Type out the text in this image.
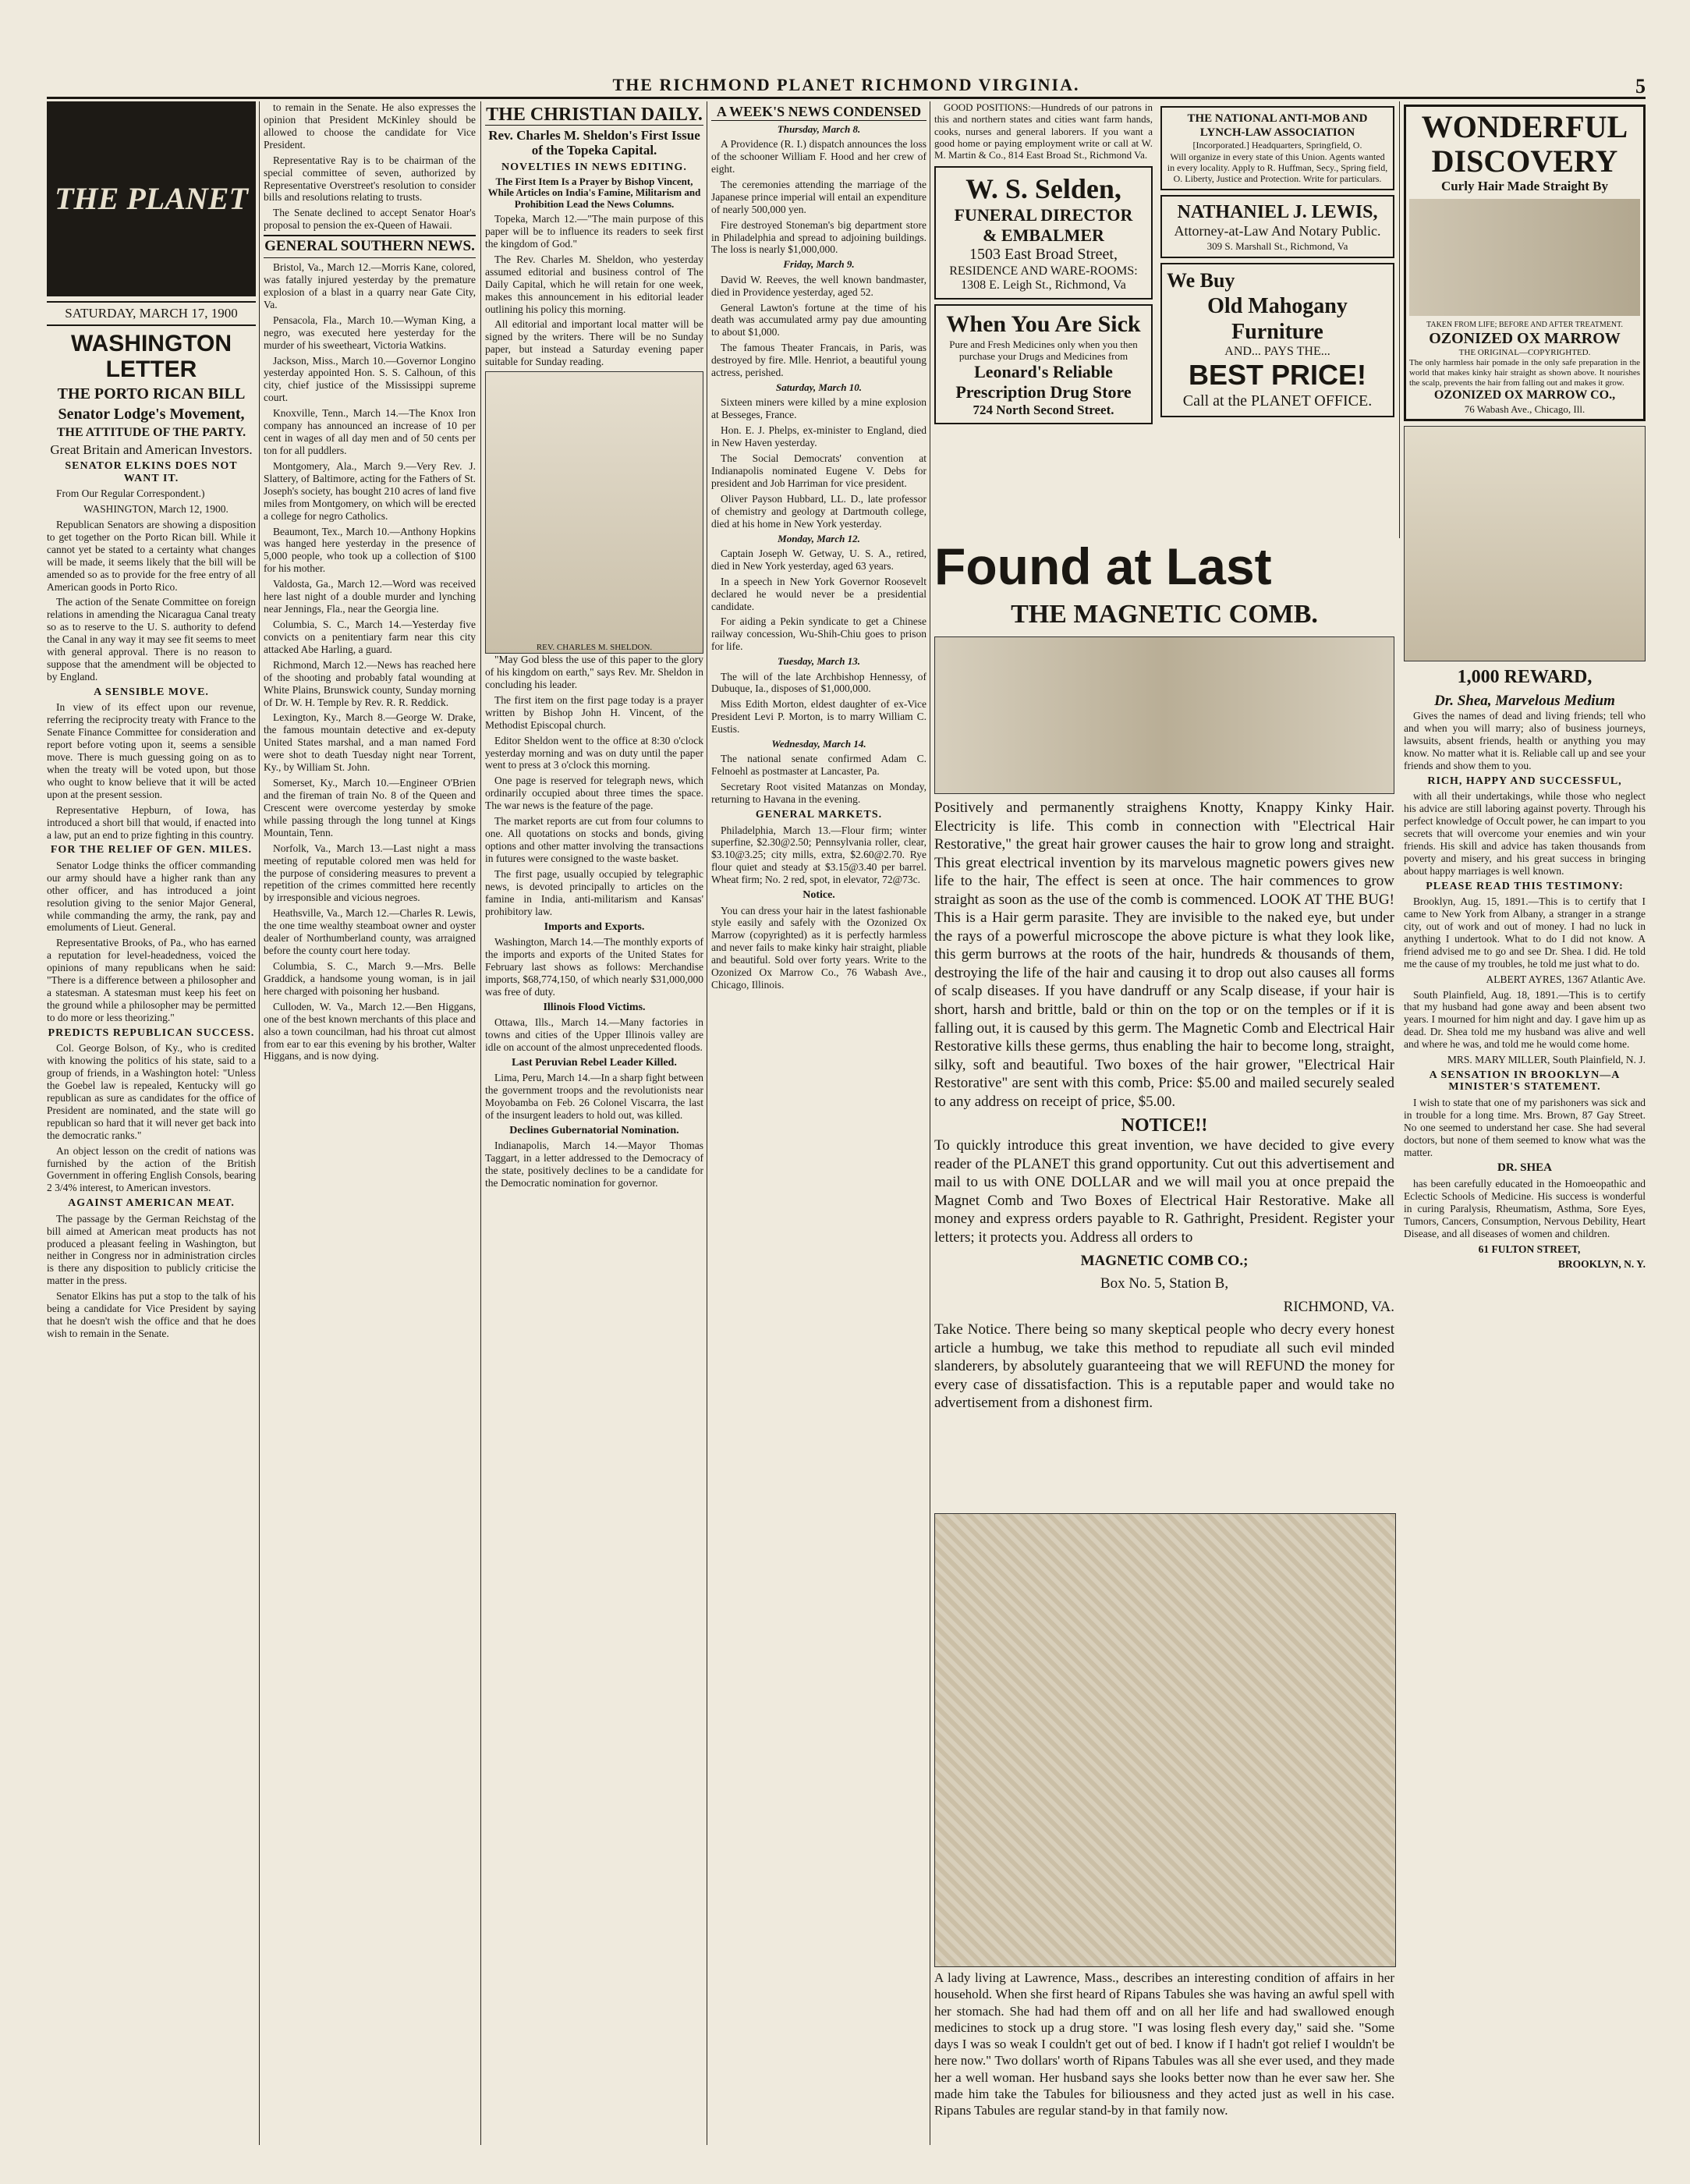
THE RICHMOND PLANET RICHMOND VIRGINIA.	5
THE PLANET
SATURDAY, MARCH 17, 1900
WASHINGTON LETTER
THE PORTO RICAN BILL
Senator Lodge's Movement,
THE ATTITUDE OF THE PARTY.
Great Britain and American Investors.
SENATOR ELKINS DOES NOT WANT IT.

From Our Regular Correspondent.)

WASHINGTON, March 12, 1900.

Republican Senators are showing a disposition to get together on the Porto Rican bill. While it cannot yet be stated to a certainty what changes will be made, it seems likely that the bill will be amended so as to provide for the free entry of all American goods in Porto Rico.

The action of the Senate Committee on foreign relations in amending the Nicaragua Canal treaty so as to reserve to the U. S. authority to defend the Canal in any way it may see fit seems to meet with general approval. There is no reason to suppose that the amendment will be objected to by England.

A SENSIBLE MOVE.

In view of its effect upon our revenue, referring the reciprocity treaty with France to the Senate Finance Committee for consideration and report before voting upon it, seems a sensible move. There is much guessing going on as to when the treaty will be voted upon, but those who ought to know believe that it will be acted upon at the present session.

Representative Hepburn, of Iowa, has introduced a short bill that would, if enacted into a law, put an end to prize fighting in this country.

FOR THE RELIEF OF GEN. MILES.

Senator Lodge thinks the officer commanding our army should have a higher rank than any other officer, and has introduced a joint resolution giving to the senior Major General, while commanding the army, the rank, pay and emoluments of Lieut. General.

Representative Brooks, of Pa., who has earned a reputation for level-headedness, voiced the opinions of many republicans when he said: "There is a difference between a philosopher and a statesman. A statesman must keep his feet on the ground while a philosopher may be permitted to do more or less theorizing."

PREDICTS REPUBLICAN SUCCESS.

Col. George Bolson, of Ky., who is credited with knowing the politics of his state, said to a group of friends, in a Washington hotel: "Unless the Goebel law is repealed, Kentucky will go republican as sure as candidates for the office of President are nominated, and the state will go republican so hard that it will never get back into the democratic ranks."

An object lesson on the credit of nations was furnished by the action of the British Government in offering English Consols, bearing 2 3/4% interest, to American investors.

AGAINST AMERICAN MEAT.

The passage by the German Reichstag of the bill aimed at American meat products has not produced a pleasant feeling in Washington, but neither in Congress nor in administration circles is there any disposition to publicly criticise the matter in the press.

Senator Elkins has put a stop to the talk of his being a candidate for Vice President by saying that he doesn't wish the office and that he does wish to remain in the Senate.

to remain in the Senate. He also expresses the opinion that President McKinley should be allowed to choose the candidate for Vice President.

Representative Ray is to be chairman of the special committee of seven, authorized by Representative Overstreet's resolution to consider bills and resolutions relating to trusts.

The Senate declined to accept Senator Hoar's proposal to pension the ex-Queen of Hawaii.

GENERAL SOUTHERN NEWS.

Bristol, Va., March 12.—Morris Kane, colored, was fatally injured yesterday by the premature explosion of a blast in a quarry near Gate City, Va.

Pensacola, Fla., March 10.—Wyman King, a negro, was executed here yesterday for the murder of his sweetheart, Victoria Watkins.

Jackson, Miss., March 10.—Governor Longino yesterday appointed Hon. S. S. Calhoun, of this city, chief justice of the Mississippi supreme court.

Knoxville, Tenn., March 14.—The Knox Iron company has announced an increase of 10 per cent in wages of all day men and of 50 cents per ton for all puddlers.

Montgomery, Ala., March 9.—Very Rev. J. Slattery, of Baltimore, acting for the Fathers of St. Joseph's society, has bought 210 acres of land five miles from Montgomery, on which will be erected a college for negro Catholics.

Beaumont, Tex., March 10.—Anthony Hopkins was hanged here yesterday in the presence of 5,000 people, who took up a collection of $100 for his mother.

Valdosta, Ga., March 12.—Word was received here last night of a double murder and lynching near Jennings, Fla., near the Georgia line.

Columbia, S. C., March 14.—Yesterday five convicts on a penitentiary farm near this city attacked Abe Harling, a guard.

Richmond, March 12.—News has reached here of the shooting and probably fatal wounding at White Plains, Brunswick county, Sunday morning of Dr. W. H. Temple by Rev. R. R. Reddick.

Lexington, Ky., March 8.—George W. Drake, the famous mountain detective and ex-deputy United States marshal, and a man named Ford were shot to death Tuesday night near Torrent, Ky., by William St. John.

Somerset, Ky., March 10.—Engineer O'Brien and the fireman of train No. 8 of the Queen and Crescent were overcome yesterday by smoke while passing through the long tunnel at Kings Mountain, Tenn.

Norfolk, Va., March 13.—Last night a mass meeting of reputable colored men was held for the purpose of considering measures to prevent a repetition of the crimes committed here recently by irresponsible and vicious negroes.

Heathsville, Va., March 12.—Charles R. Lewis, the one time wealthy steamboat owner and oyster dealer of Northumberland county, was arraigned before the county court here today.

Columbia, S. C., March 9.—Mrs. Belle Graddick, a handsome young woman, is in jail here charged with poisoning her husband.

Culloden, W. Va., March 12.—Ben Higgans, one of the best known merchants of this place and also a town councilman, had his throat cut almost from ear to ear this evening by his brother, Walter Higgans, and is now dying.

THE CHRISTIAN DAILY.
Rev. Charles M. Sheldon's First Issue of the Topeka Capital.
NOVELTIES IN NEWS EDITING.
The First Item Is a Prayer by Bishop Vincent, While Articles on India's Famine, Militarism and Prohibition Lead the News Columns.

Topeka, March 12.—"The main purpose of this paper will be to influence its readers to seek first the kingdom of God."

The Rev. Charles M. Sheldon, who yesterday assumed editorial and business control of The Daily Capital, which he will retain for one week, makes this announcement in his editorial leader outlining his policy this morning.

All editorial and important local matter will be signed by the writers. There will be no Sunday paper, but instead a Saturday evening paper suitable for Sunday reading.

REV. CHARLES M. SHELDON.

"May God bless the use of this paper to the glory of his kingdom on earth," says Rev. Mr. Sheldon in concluding his leader.

The first item on the first page today is a prayer written by Bishop John H. Vincent, of the Methodist Episcopal church.

Editor Sheldon went to the office at 8:30 o'clock yesterday morning and was on duty until the paper went to press at 3 o'clock this morning.

One page is reserved for telegraph news, which ordinarily occupied about three times the space. The war news is the feature of the page.

The market reports are cut from four columns to one. All quotations on stocks and bonds, giving options and other matter involving the transactions in futures were consigned to the waste basket.

The first page, usually occupied by telegraphic news, is devoted principally to articles on the famine in India, anti-militarism and Kansas' prohibitory law.

Imports and Exports.

Washington, March 14.—The monthly exports of the imports and exports of the United States for February last shows as follows: Merchandise imports, $68,774,150, of which nearly $31,000,000 was free of duty.

Illinois Flood Victims.

Ottawa, Ills., March 14.—Many factories in towns and cities of the Upper Illinois valley are idle on account of the almost unprecedented floods.

Last Peruvian Rebel Leader Killed.

Lima, Peru, March 14.—In a sharp fight between the government troops and the revolutionists near Moyobamba on Feb. 26 Colonel Viscarra, the last of the insurgent leaders to hold out, was killed.

Declines Gubernatorial Nomination.

Indianapolis, March 14.—Mayor Thomas Taggart, in a letter addressed to the Democracy of the state, positively declines to be a candidate for the Democratic nomination for governor.

A WEEK'S NEWS CONDENSED
Thursday, March 8.

A Providence (R. I.) dispatch announces the loss of the schooner William F. Hood and her crew of eight.

The ceremonies attending the marriage of the Japanese prince imperial will entail an expenditure of nearly 500,000 yen.

Fire destroyed Stoneman's big department store in Philadelphia and spread to adjoining buildings. The loss is nearly $1,000,000.

Friday, March 9.

David W. Reeves, the well known bandmaster, died in Providence yesterday, aged 52.

General Lawton's fortune at the time of his death was accumulated army pay due amounting to about $1,000.

The famous Theater Francais, in Paris, was destroyed by fire. Mlle. Henriot, a beautiful young actress, perished.

Saturday, March 10.

Sixteen miners were killed by a mine explosion at Besseges, France.

Hon. E. J. Phelps, ex-minister to England, died in New Haven yesterday.

The Social Democrats' convention at Indianapolis nominated Eugene V. Debs for president and Job Harriman for vice president.

Oliver Payson Hubbard, LL. D., late professor of chemistry and geology at Dartmouth college, died at his home in New York yesterday.

Monday, March 12.

Captain Joseph W. Getway, U. S. A., retired, died in New York yesterday, aged 63 years.

In a speech in New York Governor Roosevelt declared he would never be a presidential candidate.

For aiding a Pekin syndicate to get a Chinese railway concession, Wu-Shih-Chiu goes to prison for life.

Tuesday, March 13.

The will of the late Archbishop Hennessy, of Dubuque, Ia., disposes of $1,000,000.

Miss Edith Morton, eldest daughter of ex-Vice President Levi P. Morton, is to marry William C. Eustis.

Wednesday, March 14.

The national senate confirmed Adam C. Felnoehl as postmaster at Lancaster, Pa.

Secretary Root visited Matanzas on Monday, returning to Havana in the evening.

GENERAL MARKETS.

Philadelphia, March 13.—Flour firm; winter superfine, $2.30@2.50; Pennsylvania roller, clear, $3.10@3.25; city mills, extra, $2.60@2.70. Rye flour quiet and steady at $3.15@3.40 per barrel. Wheat firm; No. 2 red, spot, in elevator, 72@73c.

Notice.

You can dress your hair in the latest fashionable style easily and safely with the Ozonized Ox Marrow (copyrighted) as it is perfectly harmless and never fails to make kinky hair straight, pliable and beautiful. Sold over forty years. Write to the Ozonized Ox Marrow Co., 76 Wabash Ave., Chicago, Illinois.

GOOD POSITIONS:—Hundreds of our patrons in this and northern states and cities want farm hands, cooks, nurses and general laborers. If you want a good home or paying employment write or call at W. M. Martin & Co., 814 East Broad St., Richmond Va.

W. S. Selden,
FUNERAL DIRECTOR
& EMBALMER
1503 East Broad Street,
RESIDENCE AND WARE-ROOMS:
1308 E. Leigh St., Richmond, Va
When You Are Sick
Pure and Fresh Medicines only when you then purchase your Drugs and Medicines from
Leonard's Reliable Prescription Drug Store
724 North Second Street.
THE NATIONAL ANTI-MOB AND LYNCH-LAW ASSOCIATION
[Incorporated.] Headquarters, Springfield, O.
Will organize in every state of this Union. Agents wanted in every locality. Apply to R. Huffman, Secy., Spring field, O. Liberty, Justice and Protection. Write for particulars.
NATHANIEL J. LEWIS,
Attorney-at-Law And Notary Public.
309 S. Marshall St., Richmond, Va
We Buy
Old Mahogany Furniture
AND... PAYS THE...
BEST PRICE!
Call at the PLANET OFFICE.
WONDERFUL
DISCOVERY
Curly Hair Made Straight By
TAKEN FROM LIFE; BEFORE AND AFTER TREATMENT.
OZONIZED OX MARROW
THE ORIGINAL—COPYRIGHTED.
The only harmless hair pomade in the only safe preparation in the world that makes kinky hair straight as shown above. It nourishes the scalp, prevents the hair from falling out and makes it grow.
OZONIZED OX MARROW CO.,
76 Wabash Ave., Chicago, Ill.
1,000 REWARD,
Dr. Shea, Marvelous Medium

Gives the names of dead and living friends; tell who and when you will marry; also of business journeys, lawsuits, absent friends, health or anything you may know. No matter what it is. Reliable call up and see your friends and show them to you.

RICH, HAPPY AND SUCCESSFUL,

with all their undertakings, while those who neglect his advice are still laboring against poverty. Through his perfect knowledge of Occult power, he can impart to you secrets that will overcome your enemies and win your friends. His skill and advice has taken thousands from poverty and misery, and his great success in bringing about happy marriages is well known.

PLEASE READ THIS TESTIMONY:

Brooklyn, Aug. 15, 1891.—This is to certify that I came to New York from Albany, a stranger in a strange city, out of work and out of money. I had no luck in anything I undertook. What to do I did not know. A friend advised me to go and see Dr. Shea. I did. He told me the cause of my troubles, he told me just what to do.

ALBERT AYRES, 1367 Atlantic Ave.

South Plainfield, Aug. 18, 1891.—This is to certify that my husband had gone away and been absent two years. I mourned for him night and day. I gave him up as dead. Dr. Shea told me my husband was alive and well and where he was, and told me he would come home.

MRS. MARY MILLER, South Plainfield, N. J.

A SENSATION IN BROOKLYN—A MINISTER'S STATEMENT.

I wish to state that one of my parishoners was sick and in trouble for a long time. Mrs. Brown, 87 Gay Street. No one seemed to understand her case. She had several doctors, but none of them seemed to know what was the matter.

DR. SHEA

has been carefully educated in the Homoeopathic and Eclectic Schools of Medicine. His success is wonderful in curing Paralysis, Rheumatism, Asthma, Sore Eyes, Tumors, Cancers, Consumption, Nervous Debility, Heart Disease, and all diseases of women and children.

61 FULTON STREET,

BROOKLYN, N. Y.

Found at Last
THE MAGNETIC COMB.

Positively and permanently straighens Knotty, Knappy Kinky Hair. Electricity is life. This comb in connection with "Electrical Hair Restorative," the great hair grower causes the hair to grow long and straight. This great electrical invention by its marvelous magnetic powers gives new life to the hair, The effect is seen at once. The hair commences to grow straight as soon as the use of the comb is commenced. LOOK AT THE BUG! This is a Hair germ parasite. They are invisible to the naked eye, but under the rays of a powerful microscope the above picture is what they look like, this germ burrows at the roots of the hair, hundreds & thousands of them, destroying the life of the hair and causing it to drop out also causes all forms of scalp diseases. If you have dandruff or any Scalp disease, if your hair is short, harsh and brittle, bald or thin on the top or on the temples or if it is falling out, it is caused by this germ. The Magnetic Comb and Electrical Hair Restorative kills these germs, thus enabling the hair to become long, straight, silky, soft and beautiful. Two boxes of the hair grower, "Electrical Hair Restorative" are sent with this comb, Price: $5.00 and mailed securely sealed to any address on receipt of price, $5.00.

NOTICE!!

To quickly introduce this great invention, we have decided to give every reader of the PLANET this grand opportunity. Cut out this advertisement and mail to us with ONE DOLLAR and we will mail you at once prepaid the Magnet Comb and Two Boxes of Electrical Hair Restorative. Make all money and express orders payable to R. Gathright, President. Register your letters; it protects you. Address all orders to

MAGNETIC COMB CO.;

Box No. 5, Station B,

RICHMOND, VA.

Take Notice. There being so many skeptical people who decry every honest article a humbug, we take this method to repudiate all such evil minded slanderers, by absolutely guaranteeing that we will REFUND the money for every case of dissatisfaction. This is a reputable paper and would take no advertisement from a dishonest firm.

A lady living at Lawrence, Mass., describes an interesting condition of affairs in her household. When she first heard of Ripans Tabules she was having an awful spell with her stomach. She had had them off and on all her life and had swallowed enough medicines to stock up a drug store. "I was losing flesh every day," said she. "Some days I was so weak I couldn't get out of bed. I know if I hadn't got relief I wouldn't be here now." Two dollars' worth of Ripans Tabules was all she ever used, and they made her a well woman. Her husband says she looks better now than he ever saw her. She made him take the Tabules for biliousness and they acted just as well in his case. Ripans Tabules are regular stand-by in that family now.
